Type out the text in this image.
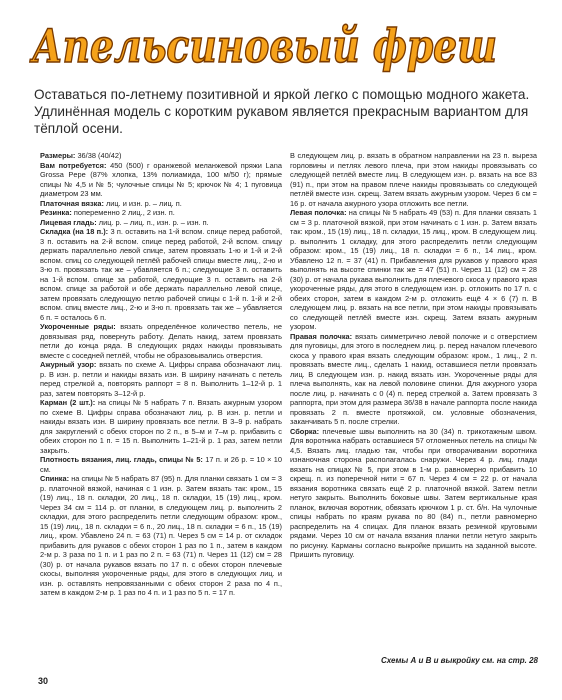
Апельсиновый фреш
Оставаться по-летнему позитивной и яркой легко с помощью модного жакета. Удлинённая модель с коротким рукавом является прекрасным вариантом для тёплой осени.

Размеры: 36/38 (40/42)

Вам потребуется: 450 (500) г оранжевой меланжевой пряжи Lana Grossa Pepe (87% хлопка, 13% полиамида, 100 м/50 г); прямые спицы № 4,5 и № 5; чулочные спицы № 5; крючок № 4; 1 пуговица диаметром 23 мм.

Платочная вязка: лиц. и изн. р. – лиц. п.

Резинка: попеременно 2 лиц., 2 изн. п.

Лицевая гладь: лиц. р. – лиц. п., изн. р. – изн. п.

Складка (на 18 п.): 3 п. оставить на 1-й вспом. спице перед работой, 3 п. оставить на 2-й вспом. спице перед работой, 2-й вспом. спицу держать параллельно левой спице, затем провязать 1-ю и 1-й и 2-й вспом. спиц со следующей петлёй рабочей спицы вместе лиц., 2-ю и 3-ю п. провязать так же – убавляется 6 п.; следующие 3 п. оставить на 1-й вспом. спице за работой, следующие 3 п. оставить на 2-й вспом. спице за работой и обе держать параллельно левой спице, затем провязать следующую петлю рабочей спицы с 1-й п. 1-й и 2-й вспом. спиц вместе лиц., 2-ю и 3-ю п. провязать так же – убавляется 6 п. = осталось 6 п.

Укороченные ряды: вязать определённое количество петель, не довязывая ряд, повернуть работу. Делать накид, затем провязать петли до конца ряда. В следующих рядах накиды провязывать вместе с соседней петлёй, чтобы не образовывались отверстия.

Ажурный узор: вязать по схеме А. Цифры справа обозначают лиц. р. В изн. р. петли и накиды вязать изн. В ширину начинать с петель перед стрелкой а, повторять раппорт = 8 п. Выполнить 1–12-й р. 1 раз, затем повторять 3–12-й р.

Карман (2 шт.): на спицы № 5 набрать 7 п. Вязать ажурным узором по схеме В. Цифры справа обозначают лиц. р. В изн. р. петли и накиды вязать изн. В ширину провязать все петли. В 3–9 р. набрать для закруглений с обеих сторон по 2 п., в 5–м и 7–м р. прибавить с обеих сторон по 1 п. = 15 п. Выполнить 1–21-й р. 1 раз, затем петли закрыть.

Плотность вязания, лиц. гладь, спицы № 5: 17 п. и 26 р. = 10 × 10 см.

Спинка: на спицы № 5 набрать 87 (95) п. Для планки связать 1 см = 3 р. платочной вязкой, начиная с 1 изн. р. Затем вязать так: кром., 15 (19) лиц., 18 п. складки, 20 лиц., 18 п. складки, 15 (19) лиц., кром. Через 34 см = 114 р. от планки, в следующем лиц. р. выполнить 2 складки, для этого распределить петли следующим образом: кром., 15 (19) лиц., 18 п. складки = 6 п., 20 лиц., 18 п. складки = 6 п., 15 (19) лиц., кром. Убавлено 24 п. = 63 (71) п. Через 5 см = 14 р. от складок прибавить для рукавов с обеих сторон 1 раз по 1 п., затем в каждом 2-м р. 3 раза по 1 п. и 1 раз по 2 п. = 63 (71) п. Через 11 (12) см = 28 (30) р. от начала рукавов вязать по 17 п. с обеих сторон плечевые скосы, выполняя укороченные ряды, для этого в следующих лиц. и изн. р. оставлять непровязанными с обеих сторон 2 раза по 4 п., затем в каждом 2-м р. 1 раз по 4 п. и 1 раз по 5 п. = 17 п.

В следующем лиц. р. вязать в обратном направлении на 23 п. выреза горловины и петлях левого плеча, при этом накиды провязывать со следующей петлёй вместе лиц. В следующем изн. р. вязать на все 83 (91) п., при этом на правом плече накиды провязывать со следующей петлёй вместе изн. скрещ. Затем вязать ажурным узором. Через 6 см = 16 р. от начала ажурного узора отложить все петли.

Левая полочка: на спицы № 5 набрать 49 (53) п. Для планки связать 1 см = 3 р. платочной вязкой, при этом начинать с 1 изн. р. Затем вязать так: кром., 15 (19) лиц., 18 п. складки, 15 лиц., кром. В следующем лиц. р. выполнить 1 складку, для этого распределить петли следующим образом: кром., 15 (19) лиц., 18 п. складки = 6 п., 14 лиц., кром. Убавлено 12 п. = 37 (41) п. Прибавления для рукавов у правого края выполнять на высоте спинки так же = 47 (51) п. Через 11 (12) см = 28 (30) р. от начала рукава выполнить для плечевого скоса у правого края укороченные ряды, для этого в следующем изн. р. отложить по 17 п. с обеих сторон, затем в каждом 2-м р. отложить ещё 4 × 6 (7) п. В следующем лиц. р. вязать на все петли, при этом накиды провязывать со следующей петлёй вместе изн. скрещ. Затем вязать ажурным узором.

Правая полочка: вязать симметрично левой полочке и с отверстием для пуговицы, для этого в последнем лиц. р. перед началом плечевого скоса у правого края вязать следующим образом: кром., 1 лиц., 2 п. провязать вместе лиц., сделать 1 накид, оставшиеся петли провязать лиц. В следующем изн. р. накид вязать изн. Укороченные ряды для плеча выполнять, как на левой половине спинки. Для ажурного узора после лиц. р. начинать с 0 (4) п. перед стрелкой а. Затем провязать 3 раппорта, при этом для размера 36/38 в начале раппорта после накида провязать 2 п. вместе протяжкой, см. условные обозначения, заканчивать 5 п. после стрелки.

Сборка: плечевые швы выполнить на 30 (34) п. трикотажным швом. Для воротника набрать оставшиеся 57 отложенных петель на спицы № 4,5. Вязать лиц. гладью так, чтобы при отворачивании воротника изнаночная сторона располагалась снаружи. Через 4 р. лиц. глади вязать на спицах № 5, при этом в 1-м р. равномерно прибавить 10 скрещ. п. из поперечной нити = 67 п. Через 4 см = 22 р. от начала вязания воротника связать ещё 2 р. платочной вязкой. Затем петли нетуго закрыть. Выполнить боковые швы. Затем вертикальные края планок, включая воротник, обвязать крючком 1 р. ст. б/н. На чулочные спицы набрать по краям рукава по 80 (84) п., петли равномерно распределить на 4 спицах. Для планок вязать резинкой круговыми рядами. Через 10 см от начала вязания планки петли нетуго закрыть по рисунку. Карманы согласно выкройке пришить на заданной высоте. Пришить пуговицу.

Схемы А и В и выкройку см. на стр. 28
30
